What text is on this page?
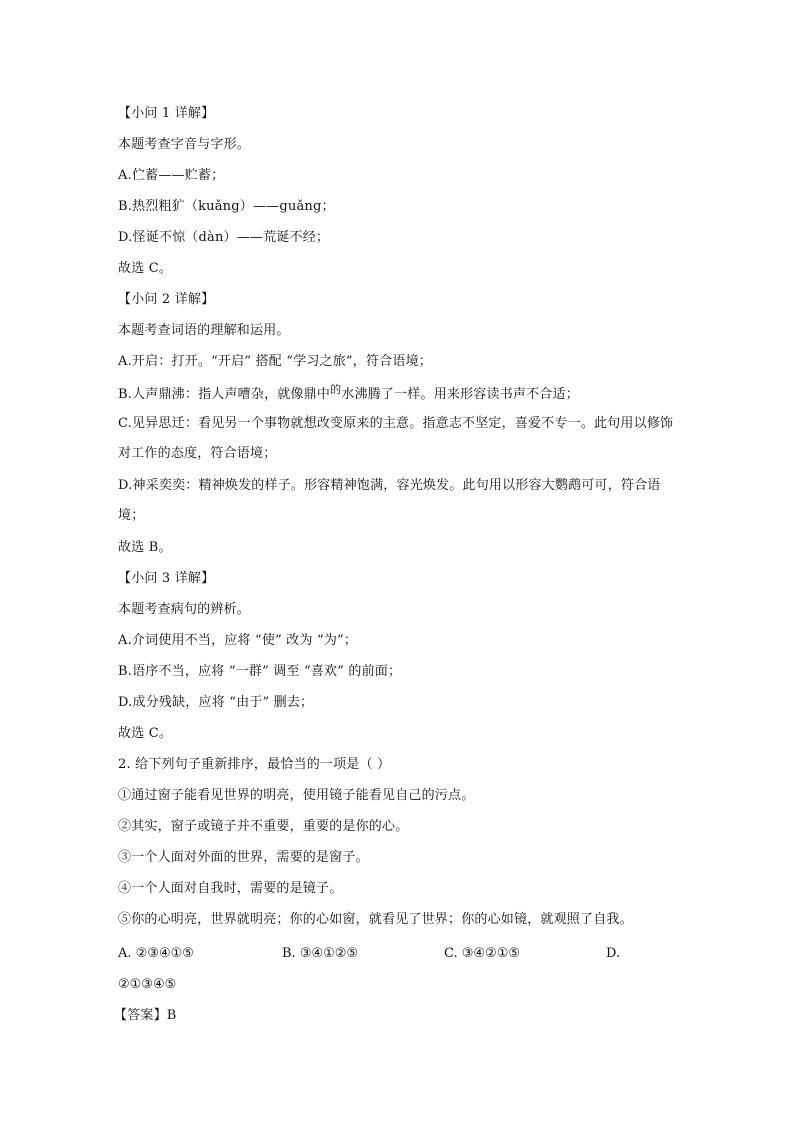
【小问 1 详解】
本题考查字音与字形。
A.伫蓄——贮蓄；
B.热烈粗犷（kuǎng）——guǎng；
D.怪诞不惊（dàn）——荒诞不经；
故选 C。
【小问 2 详解】
本题考查词语的理解和运用。
A.开启：打开。“开启” 搭配 “学习之旅”，符合语境；
B.人声鼎沸：指人声嘈杂，就像鼎中$^的$水沸腾了一样。用来形容读书声不合适；
C.见异思迁：看见另一个事物就想改变原来的主意。指意志不坚定，喜爱不专一。此句用以修饰对工作的态度，符合语境；
D.神采奕奕：精神焕发的样子。形容精神饱满，容光焕发。此句用以形容大鹦鹉可可，符合语境；
故选 B。
【小问 3 详解】
本题考查病句的辨析。
A.介词使用不当，应将 “使” 改为 “为”；
B.语序不当，应将 “一群” 调至 “喜欢” 的前面；
D.成分残缺，应将 “由于” 删去；
故选 C。
2. 给下列句子重新排序，最恰当的一项是（ ）
①通过窗子能看见世界的明亮，使用镜子能看见自己的污点。
②其实，窗子或镜子并不重要，重要的是你的心。
③一个人面对外面的世界，需要的是窗子。
④一个人面对自我时，需要的是镜子。
⑤你的心明亮，世界就明亮；你的心如窗，就看见了世界；你的心如镜，就观照了自我。
A. ②③④①⑤	B. ③④①②⑤	C. ③④②①⑤	D.
②①③④⑤
【答案】B
